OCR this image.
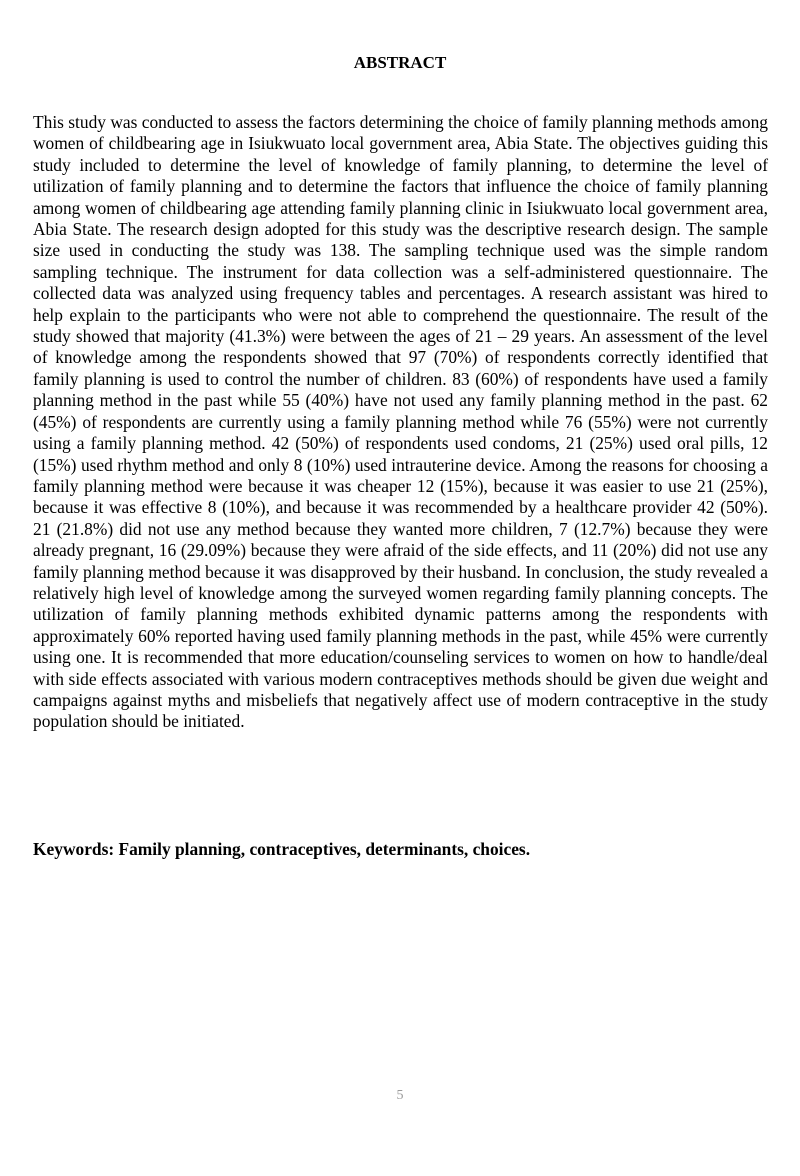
ABSTRACT

This study was conducted to assess the factors determining the choice of family planning methods among women of childbearing age in Isiukwuato local government area, Abia State. The objectives guiding this study included to determine the level of knowledge of family planning, to determine the level of utilization of family planning and to determine the factors that influence the choice of family planning among women of childbearing age attending family planning clinic in Isiukwuato local government area, Abia State. The research design adopted for this study was the descriptive research design. The sample size used in conducting the study was 138. The sampling technique used was the simple random sampling technique. The instrument for data collection was a self-administered questionnaire. The collected data was analyzed using frequency tables and percentages. A research assistant was hired to help explain to the participants who were not able to comprehend the questionnaire. The result of the study showed that majority (41.3%) were between the ages of 21 – 29 years. An assessment of the level of knowledge among the respondents showed that 97 (70%) of respondents correctly identified that family planning is used to control the number of children. 83 (60%) of respondents have used a family planning method in the past while 55 (40%) have not used any family planning method in the past. 62 (45%) of respondents are currently using a family planning method while 76 (55%) were not currently using a family planning method. 42 (50%) of respondents used condoms, 21 (25%) used oral pills, 12 (15%) used rhythm method and only 8 (10%) used intrauterine device. Among the reasons for choosing a family planning method were because it was cheaper 12 (15%), because it was easier to use 21 (25%), because it was effective 8 (10%), and because it was recommended by a healthcare provider 42 (50%). 21 (21.8%) did not use any method because they wanted more children, 7 (12.7%) because they were already pregnant, 16 (29.09%) because they were afraid of the side effects, and 11 (20%) did not use any family planning method because it was disapproved by their husband. In conclusion, the study revealed a relatively high level of knowledge among the surveyed women regarding family planning concepts. The utilization of family planning methods exhibited dynamic patterns among the respondents with approximately 60% reported having used family planning methods in the past, while 45% were currently using one. It is recommended that more education/counseling services to women on how to handle/deal with side effects associated with various modern contraceptives methods should be given due weight and campaigns against myths and misbeliefs that negatively affect use of modern contraceptive in the study population should be initiated.

Keywords: Family planning, contraceptives, determinants, choices.

5
